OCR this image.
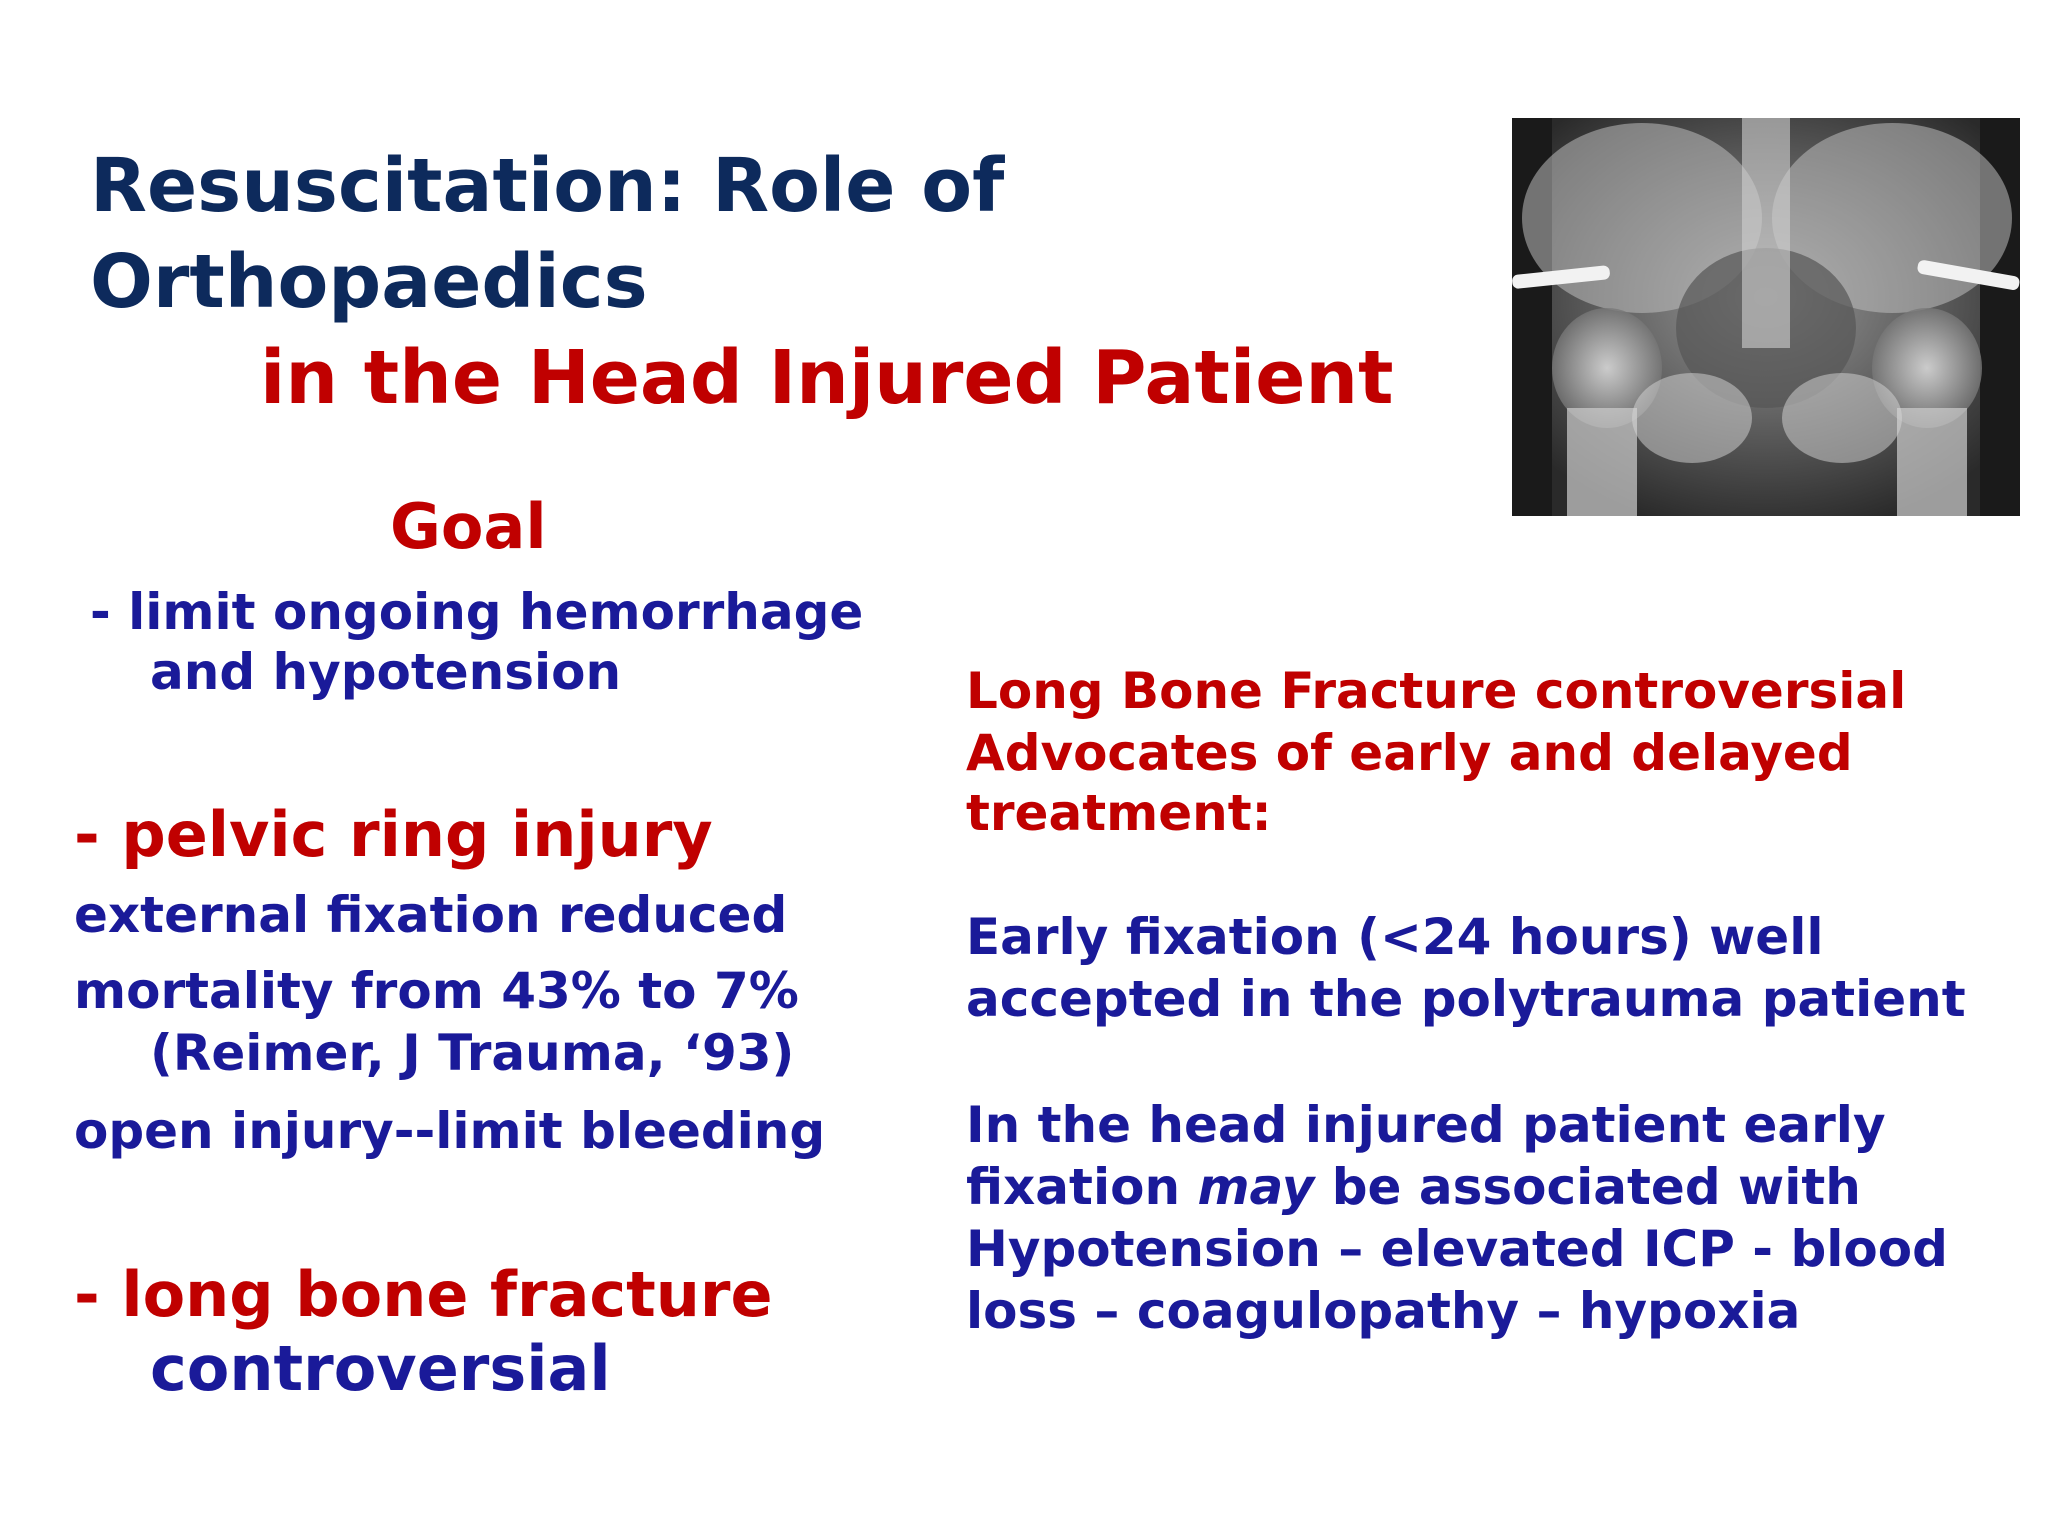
Resuscitation: Role of Orthopaedics
in the Head Injured Patient
Goal
- limit ongoing hemorrhage
and hypotension
- pelvic ring injury
external fixation reduced
mortality from 43% to 7%
(Reimer, J Trauma, ‘93)
open injury--limit bleeding
- long bone fracture
controversial
Long Bone Fracture controversial
Advocates of early and delayed
treatment:
Early fixation (<24 hours) well
accepted in the polytrauma patient
In the head injured patient early
fixation may be associated with
Hypotension – elevated ICP - blood
loss – coagulopathy – hypoxia
